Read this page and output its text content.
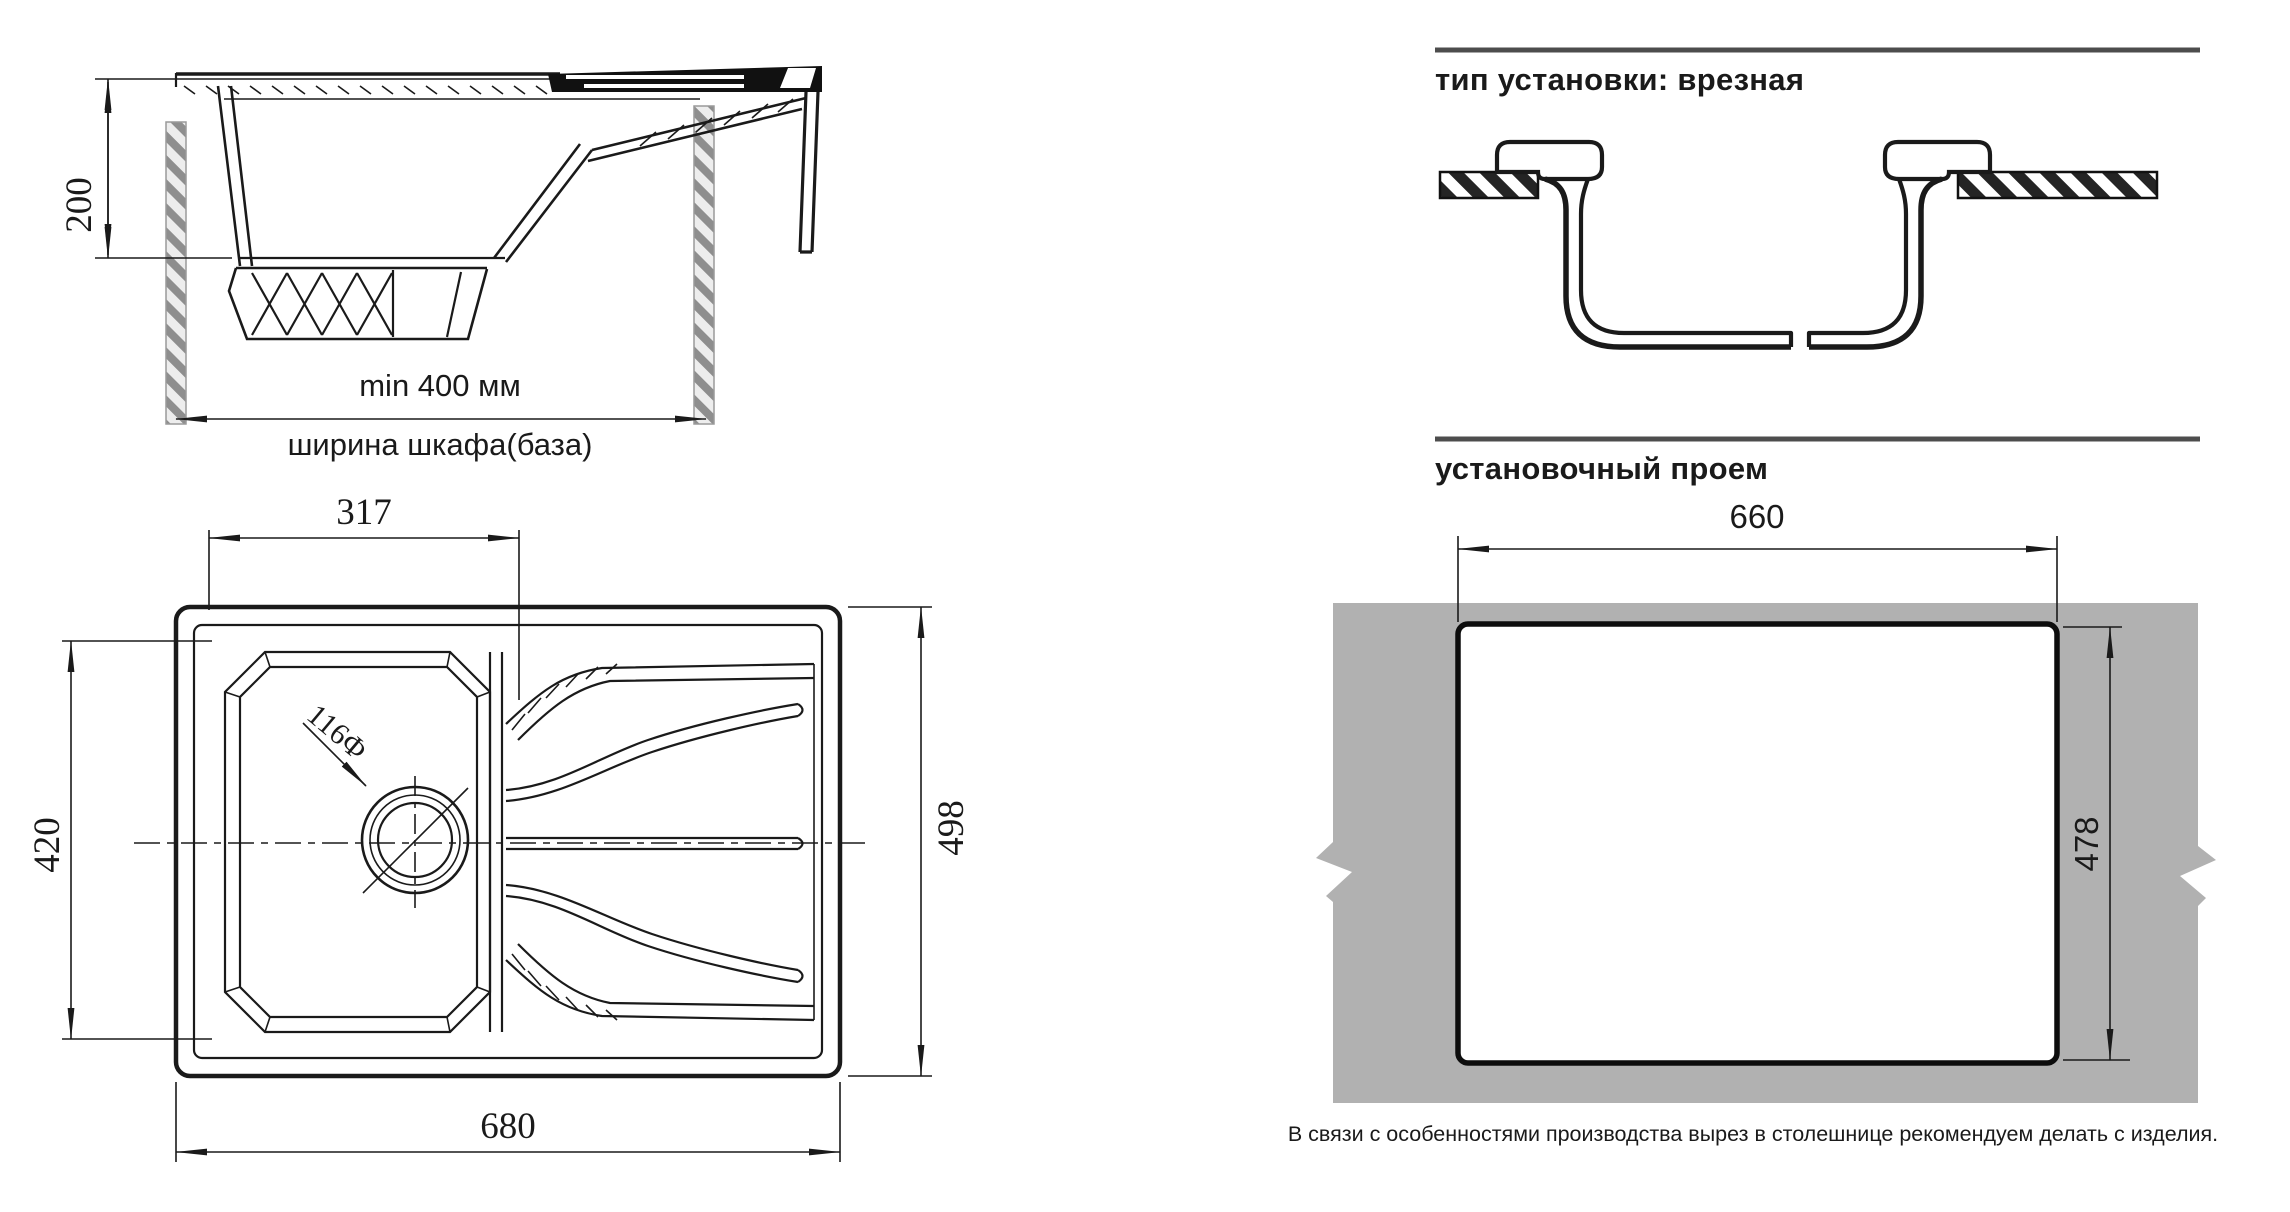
200
min 400 мм
ширина шкафа(база)
116Ф
317
420	498
680
тип установки: врезная
установочный проем
660
478
В связи с особенностями производства вырез в столешнице рекомендуем делать с изделия.
